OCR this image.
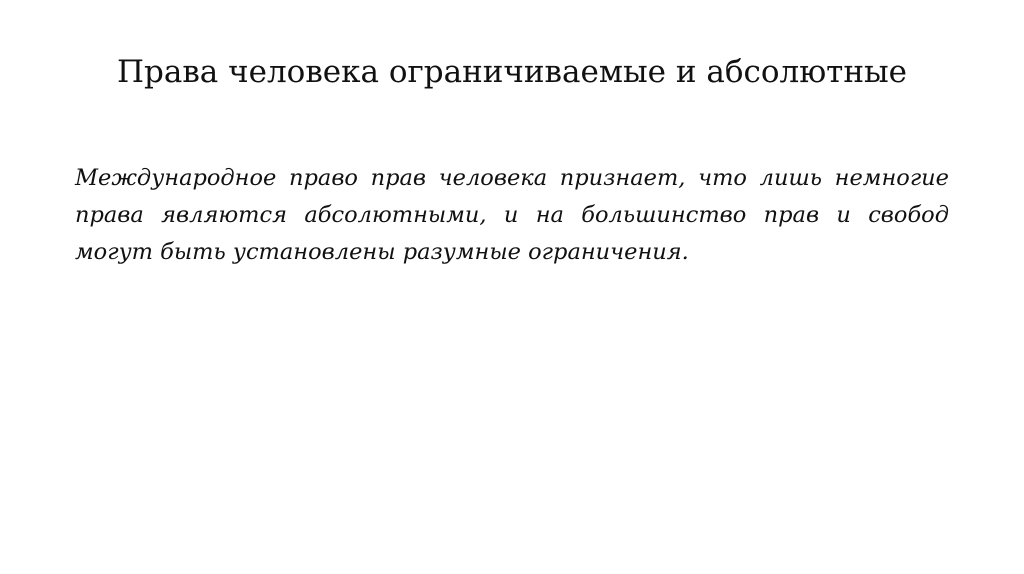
Права человека ограничиваемые и абсолютные

Международное право прав человека признает, что лишь немногие права являются абсолютными, и на большинство прав и свобод могут быть установлены разумные ограничения.
